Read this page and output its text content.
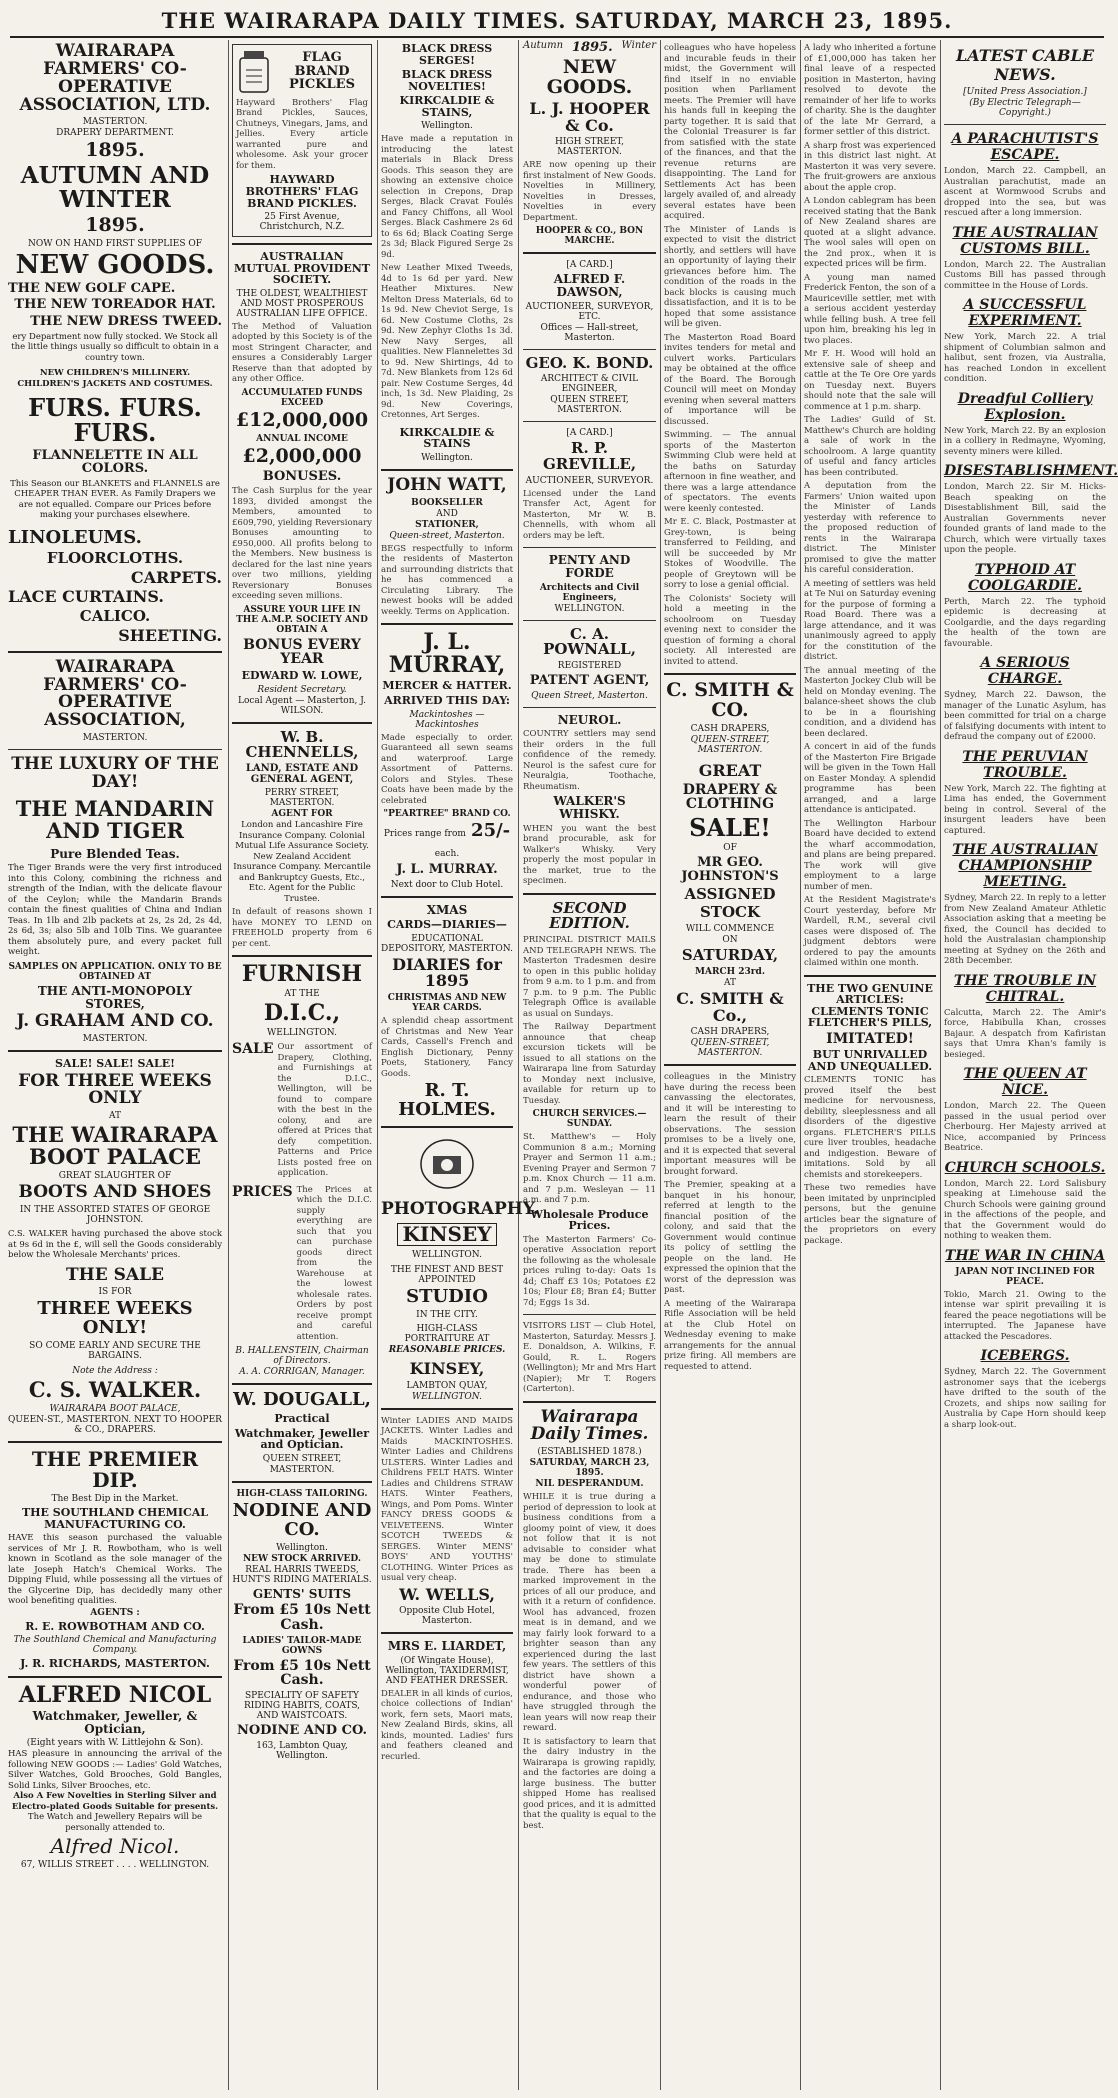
THE WAIRARAPA DAILY TIMES. SATURDAY, MARCH 23, 1895.
WAIRARAPA FARMERS' CO-OPERATIVE ASSOCIATION, LTD.
MASTERTON.
DRAPERY DEPARTMENT.
1895.
AUTUMN AND WINTER
1895.
NOW ON HAND FIRST SUPPLIES OF
NEW GOODS.
THE NEW GOLF CAPE.
THE NEW TOREADOR HAT.
THE NEW DRESS TWEED.
ery Department now fully stocked. We Stock all the little things usually so difficult to obtain in a country town.
NEW CHILDREN'S MILLINERY. CHILDREN'S JACKETS AND COSTUMES.
FURS. FURS. FURS.
FLANNELETTE IN ALL COLORS.
This Season our BLANKETS and FLANNELS are CHEAPER THAN EVER. As Family Drapers we are not equalled. Compare our Prices before making your purchases elsewhere.
LINOLEUMS.
FLOORCLOTHS.
CARPETS.
LACE CURTAINS.
CALICO.
SHEETING.
WAIRARAPA FARMERS' CO-OPERATIVE ASSOCIATION,
MASTERTON.
THE LUXURY OF THE DAY!
THE MANDARIN AND TIGER
Pure Blended Teas.
The Tiger Brands were the very first introduced into this Colony, combining the richness and strength of the Indian, with the delicate flavour of the Ceylon; while the Mandarin Brands contain the finest qualities of China and Indian Teas. In 1lb and 2lb packets at 2s, 2s 2d, 2s 4d, 2s 6d, 3s; also 5lb and 10lb Tins. We guarantee them absolutely pure, and every packet full weight.
SAMPLES ON APPLICATION. ONLY TO BE OBTAINED AT
THE ANTI-MONOPOLY STORES,
J. GRAHAM AND CO.
MASTERTON.
SALE! SALE! SALE!
FOR THREE WEEKS ONLY
AT
THE WAIRARAPA BOOT PALACE
GREAT SLAUGHTER OF
BOOTS AND SHOES
IN THE ASSORTED STATES OF GEORGE JOHNSTON.
C.S. WALKER having purchased the above stock at 9s 6d in the £, will sell the Goods considerably below the Wholesale Merchants' prices.
THE SALE
IS FOR
THREE WEEKS ONLY!
SO COME EARLY AND SECURE THE BARGAINS.
Note the Address :
C. S. WALKER.
WAIRARAPA BOOT PALACE,
QUEEN-ST., MASTERTON. NEXT TO HOOPER & CO., DRAPERS.
THE PREMIER DIP.
The Best Dip in the Market.
THE SOUTHLAND CHEMICAL MANUFACTURING CO.
HAVE this season purchased the valuable services of Mr J. R. Rowbotham, who is well known in Scotland as the sole manager of the late Joseph Hatch's Chemical Works. The Dipping Fluid, while possessing all the virtues of the Glycerine Dip, has decidedly many other wool benefiting qualities.
AGENTS :
R. E. ROWBOTHAM AND CO.
The Southland Chemical and Manufacturing Company.
J. R. RICHARDS, MASTERTON.
ALFRED NICOL
Watchmaker, Jeweller, & Optician,
(Eight years with W. Littlejohn & Son).
HAS pleasure in announcing the arrival of the following NEW GOODS :— Ladies' Gold Watches, Silver Watches, Gold Brooches, Gold Bangles, Solid Links, Silver Brooches, etc.
Also A Few Novelties in Sterling Silver and Electro-plated Goods Suitable for presents.
The Watch and Jewellery Repairs will be personally attended to.
Alfred Nicol.
67, WILLIS STREET . . . . WELLINGTON.
FLAG BRAND PICKLES
Hayward Brothers' Flag Brand Pickles, Sauces, Chutneys, Vinegars, Jams, and Jellies. Every article warranted pure and wholesome. Ask your grocer for them.
HAYWARD BROTHERS' FLAG BRAND PICKLES.
25 First Avenue, Christchurch, N.Z.
AUSTRALIAN MUTUAL PROVIDENT SOCIETY.
THE OLDEST, WEALTHIEST AND MOST PROSPEROUS AUSTRALIAN LIFE OFFICE.
The Method of Valuation adopted by this Society is of the most Stringent Character, and ensures a Considerably Larger Reserve than that adopted by any other Office.
ACCUMULATED FUNDS EXCEED
£12,000,000
ANNUAL INCOME
£2,000,000
BONUSES.
The Cash Surplus for the year 1893, divided amongst the Members, amounted to £609,790, yielding Reversionary Bonuses amounting to £950,000. All profits belong to the Members. New business is declared for the last nine years over two millions, yielding Reversionary Bonuses exceeding seven millions.
ASSURE YOUR LIFE IN THE A.M.P. SOCIETY AND OBTAIN A
BONUS EVERY YEAR
EDWARD W. LOWE,
Resident Secretary.
Local Agent — Masterton, J. WILSON.
W. B. CHENNELLS,
LAND, ESTATE AND GENERAL AGENT,
PERRY STREET, MASTERTON.
AGENT FOR
London and Lancashire Fire Insurance Company. Colonial Mutual Life Assurance Society. New Zealand Accident Insurance Company. Mercantile and Bankruptcy Guests, Etc., Etc. Agent for the Public Trustee.
In default of reasons shown I have MONEY TO LEND on FREEHOLD property from 6 per cent.
FURNISH
AT THE
D.I.C.,
WELLINGTON.
SALE Our assortment of Drapery, Clothing, and Furnishings at the D.I.C., Wellington, will be found to compare with the best in the colony, and are offered at Prices that defy competition. Patterns and Price Lists posted free on application.
PRICES The Prices at which the D.I.C. supply everything are such that you can purchase goods direct from the Warehouse at the lowest wholesale rates. Orders by post receive prompt and careful attention.
B. HALLENSTEIN, Chairman of Directors.
A. A. CORRIGAN, Manager.
W. DOUGALL,
Practical
Watchmaker, Jeweller and Optician.
QUEEN STREET,
MASTERTON.
HIGH-CLASS TAILORING.
NODINE AND CO.
Wellington.
NEW STOCK ARRIVED.
REAL HARRIS TWEEDS, HUNT'S RIDING MATERIALS.
GENTS' SUITS
From £5 10s Nett Cash.
LADIES' TAILOR-MADE GOWNS
From £5 10s Nett Cash.
SPECIALITY OF SAFETY RIDING HABITS, COATS, AND WAISTCOATS.
NODINE AND CO.
163, Lambton Quay, Wellington.
BLACK DRESS SERGES!
BLACK DRESS NOVELTIES!
KIRKCALDIE & STAINS,
Wellington.
Have made a reputation in introducing the latest materials in Black Dress Goods. This season they are showing an extensive choice selection in Crepons, Drap Serges, Black Cravat Foulés and Fancy Chiffons, all Wool Serges. Black Cashmere 2s 6d to 6s 6d; Black Coating Serge 2s 3d; Black Figured Serge 2s 9d.
New Leather Mixed Tweeds, 4d to 1s 6d per yard. New Heather Mixtures. New Melton Dress Materials, 6d to 1s 9d. New Cheviot Serge, 1s 6d. New Costume Cloths, 2s 9d. New Zephyr Cloths 1s 3d. New Navy Serges, all qualities. New Flannelettes 3d to 9d. New Shirtings, 4d to 7d. New Blankets from 12s 6d pair. New Costume Serges, 4d inch, 1s 3d. New Plaiding, 2s 9d. New Coverings, Cretonnes, Art Serges.
KIRKCALDIE & STAINS
Wellington.
JOHN WATT,
BOOKSELLER
AND
STATIONER,
Queen-street, Masterton.
BEGS respectfully to inform the residents of Masterton and surrounding districts that he has commenced a Circulating Library. The newest books will be added weekly. Terms on Application.
J. L. MURRAY,
MERCER & HATTER.
ARRIVED THIS DAY:
Mackintoshes — Mackintoshes
Made especially to order. Guaranteed all sewn seams and waterproof. Large Assortment of Patterns. Colors and Styles. These Coats have been made by the celebrated
"PEARTREE" BRAND CO.
Prices range from 25/- each.
J. L. MURRAY.
Next door to Club Hotel.
XMAS
CARDS—DIARIES—
EDUCATIONAL DEPOSITORY, MASTERTON.
DIARIES for 1895
CHRISTMAS AND NEW YEAR CARDS.
A splendid cheap assortment of Christmas and New Year Cards, Cassell's French and English Dictionary, Penny Poets, Stationery, Fancy Goods.
R. T. HOLMES.
PHOTOGRAPHY.
KINSEY
WELLINGTON.
THE FINEST AND BEST APPOINTED
STUDIO
IN THE CITY.
HIGH-CLASS PORTRAITURE AT
REASONABLE PRICES.
KINSEY,
LAMBTON QUAY,
WELLINGTON.
Winter LADIES AND MAIDS JACKETS. Winter Ladies and Maids MACKINTOSHES. Winter Ladies and Childrens ULSTERS. Winter Ladies and Childrens FELT HATS. Winter Ladies and Childrens STRAW HATS. Winter Feathers, Wings, and Pom Poms. Winter FANCY DRESS GOODS & VELVETEENS. Winter SCOTCH TWEEDS & SERGES. Winter MENS' BOYS' AND YOUTHS' CLOTHING. Winter Prices as usual very cheap.
W. WELLS,
Opposite Club Hotel, Masterton.
MRS E. LIARDET,
(Of Wingate House), Wellington, TAXIDERMIST, AND FEATHER DRESSER.
DEALER in all kinds of curios, choice collections of Indian' work, fern sets, Maori mats, New Zealand Birds, skins, all kinds, mounted. Ladies' furs and feathers cleaned and recurled.
Autumn 1895. Winter
NEW GOODS.
L. J. HOOPER & Co.
HIGH STREET, MASTERTON.
ARE now opening up their first instalment of New Goods. Novelties in Millinery, Novelties in Dresses, Novelties in every Department.
HOOPER & CO., BON MARCHE.
[A CARD.]
ALFRED F. DAWSON,
AUCTIONEER, SURVEYOR, ETC.
Offices — Hall-street, Masterton.
GEO. K. BOND.
ARCHITECT & CIVIL ENGINEER,
QUEEN STREET, MASTERTON.
[A CARD.]
R. P. GREVILLE,
AUCTIONEER, SURVEYOR.
Licensed under the Land Transfer Act, Agent for Masterton, Mr W. B. Chennells, with whom all orders may be left.
PENTY AND FORDE
Architects and Civil Engineers,
WELLINGTON.
C. A. POWNALL,
REGISTERED
PATENT AGENT,
Queen Street, Masterton.
NEUROL.
COUNTRY settlers may send their orders in the full confidence of the remedy. Neurol is the safest cure for Neuralgia, Toothache, Rheumatism.
WALKER'S WHISKY.
WHEN you want the best brand procurable, ask for Walker's Whisky. Very properly the most popular in the market, true to the specimen.
SECOND EDITION.
PRINCIPAL DISTRICT MAILS AND TELEGRAPH NEWS. The Masterton Tradesmen desire to open in this public holiday from 9 a.m. to 1 p.m. and from 7 p.m. to 9 p.m. The Public Telegraph Office is available as usual on Sundays.
The Railway Department announce that cheap excursion tickets will be issued to all stations on the Wairarapa line from Saturday to Monday next inclusive, available for return up to Tuesday.
CHURCH SERVICES.—SUNDAY.
St. Matthew's — Holy Communion 8 a.m.; Morning Prayer and Sermon 11 a.m.; Evening Prayer and Sermon 7 p.m. Knox Church — 11 a.m. and 7 p.m. Wesleyan — 11 a.m. and 7 p.m.
Wholesale Produce Prices.
The Masterton Farmers' Co-operative Association report the following as the wholesale prices ruling to-day: Oats 1s 4d; Chaff £3 10s; Potatoes £2 10s; Flour £8; Bran £4; Butter 7d; Eggs 1s 3d.
VISITORS LIST — Club Hotel, Masterton, Saturday. Messrs J. E. Donaldson, A. Wilkins, F. Gould, R. L. Rogers (Wellington); Mr and Mrs Hart (Napier); Mr T. Rogers (Carterton).
Wairarapa Daily Times.
(ESTABLISHED 1878.)
SATURDAY, MARCH 23, 1895.
NIL DESPERANDUM.
WHILE it is true during a period of depression to look at business conditions from a gloomy point of view, it does not follow that it is not advisable to consider what may be done to stimulate trade. There has been a marked improvement in the prices of all our produce, and with it a return of confidence. Wool has advanced, frozen meat is in demand, and we may fairly look forward to a brighter season than any experienced during the last few years. The settlers of this district have shown a wonderful power of endurance, and those who have struggled through the lean years will now reap their reward.
It is satisfactory to learn that the dairy industry in the Wairarapa is growing rapidly, and the factories are doing a large business. The butter shipped Home has realised good prices, and it is admitted that the quality is equal to the best.
colleagues who have hopeless and incurable feuds in their midst, the Government will find itself in no enviable position when Parliament meets. The Premier will have his hands full in keeping the party together. It is said that the Colonial Treasurer is far from satisfied with the state of the finances, and that the revenue returns are disappointing. The Land for Settlements Act has been largely availed of, and already several estates have been acquired.
The Minister of Lands is expected to visit the district shortly, and settlers will have an opportunity of laying their grievances before him. The condition of the roads in the back blocks is causing much dissatisfaction, and it is to be hoped that some assistance will be given.
The Masterton Road Board invites tenders for metal and culvert works. Particulars may be obtained at the office of the Board. The Borough Council will meet on Monday evening when several matters of importance will be discussed.
Swimming. — The annual sports of the Masterton Swimming Club were held at the baths on Saturday afternoon in fine weather, and there was a large attendance of spectators. The events were keenly contested.
Mr E. C. Black, Postmaster at Grey-town, is being transferred to Feilding, and will be succeeded by Mr Stokes of Woodville. The people of Greytown will be sorry to lose a genial official.
The Colonists' Society will hold a meeting in the schoolroom on Tuesday evening next to consider the question of forming a choral society. All interested are invited to attend.
C. SMITH & CO.
CASH DRAPERS,
QUEEN-STREET, MASTERTON.
GREAT
DRAPERY & CLOTHING
SALE!
OF
MR GEO. JOHNSTON'S
ASSIGNED
STOCK
WILL COMMENCE
ON
SATURDAY,
MARCH 23rd.
AT
C. SMITH & Co.,
CASH DRAPERS,
QUEEN-STREET, MASTERTON.
colleagues in the Ministry have during the recess been canvassing the electorates, and it will be interesting to learn the result of their observations. The session promises to be a lively one, and it is expected that several important measures will be brought forward.
The Premier, speaking at a banquet in his honour, referred at length to the financial position of the colony, and said that the Government would continue its policy of settling the people on the land. He expressed the opinion that the worst of the depression was past.
A meeting of the Wairarapa Rifle Association will be held at the Club Hotel on Wednesday evening to make arrangements for the annual prize firing. All members are requested to attend.
A lady who inherited a fortune of £1,000,000 has taken her final leave of a respected position in Masterton, having resolved to devote the remainder of her life to works of charity. She is the daughter of the late Mr Gerrard, a former settler of this district.
A sharp frost was experienced in this district last night. At Masterton it was very severe. The fruit-growers are anxious about the apple crop.
A London cablegram has been received stating that the Bank of New Zealand shares are quoted at a slight advance. The wool sales will open on the 2nd prox., when it is expected prices will be firm.
A young man named Frederick Fenton, the son of a Mauriceville settler, met with a serious accident yesterday while felling bush. A tree fell upon him, breaking his leg in two places.
Mr F. H. Wood will hold an extensive sale of sheep and cattle at the Te Ore Ore yards on Tuesday next. Buyers should note that the sale will commence at 1 p.m. sharp.
The Ladies' Guild of St. Matthew's Church are holding a sale of work in the schoolroom. A large quantity of useful and fancy articles has been contributed.
A deputation from the Farmers' Union waited upon the Minister of Lands yesterday with reference to the proposed reduction of rents in the Wairarapa district. The Minister promised to give the matter his careful consideration.
A meeting of settlers was held at Te Nui on Saturday evening for the purpose of forming a Road Board. There was a large attendance, and it was unanimously agreed to apply for the constitution of the district.
The annual meeting of the Masterton Jockey Club will be held on Monday evening. The balance-sheet shows the club to be in a flourishing condition, and a dividend has been declared.
A concert in aid of the funds of the Masterton Fire Brigade will be given in the Town Hall on Easter Monday. A splendid programme has been arranged, and a large attendance is anticipated.
The Wellington Harbour Board have decided to extend the wharf accommodation, and plans are being prepared. The work will give employment to a large number of men.
At the Resident Magistrate's Court yesterday, before Mr Wardell, R.M., several civil cases were disposed of. The judgment debtors were ordered to pay the amounts claimed within one month.
THE TWO GENUINE ARTICLES: CLEMENTS TONIC FLETCHER'S PILLS,
IMITATED!
BUT UNRIVALLED AND UNEQUALLED.
CLEMENTS TONIC has proved itself the best medicine for nervousness, debility, sleeplessness and all disorders of the digestive organs. FLETCHER'S PILLS cure liver troubles, headache and indigestion. Beware of imitations. Sold by all chemists and storekeepers.
These two remedies have been imitated by unprincipled persons, but the genuine articles bear the signature of the proprietors on every package.
LATEST CABLE NEWS.
[United Press Association.]
(By Electric Telegraph—Copyright.)
A PARACHUTIST'S ESCAPE.
London, March 22. Campbell, an Australian parachutist, made an ascent at Wormwood Scrubs and dropped into the sea, but was rescued after a long immersion.
THE AUSTRALIAN CUSTOMS BILL.
London, March 22. The Australian Customs Bill has passed through committee in the House of Lords.
A SUCCESSFUL EXPERIMENT.
New York, March 22. A trial shipment of Columbian salmon and halibut, sent frozen, via Australia, has reached London in excellent condition.
Dreadful Colliery Explosion.
New York, March 22. By an explosion in a colliery in Redmayne, Wyoming, seventy miners were killed.
DISESTABLISHMENT.
London, March 22. Sir M. Hicks-Beach speaking on the Disestablishment Bill, said the Australian Governments never founded grants of land made to the Church, which were virtually taxes upon the people.
TYPHOID AT COOLGARDIE.
Perth, March 22. The typhoid epidemic is decreasing at Coolgardie, and the days regarding the health of the town are favourable.
A SERIOUS CHARGE.
Sydney, March 22. Dawson, the manager of the Lunatic Asylum, has been committed for trial on a charge of falsifying documents with intent to defraud the company out of £2000.
THE PERUVIAN TROUBLE.
New York, March 22. The fighting at Lima has ended, the Government being in control. Several of the insurgent leaders have been captured.
THE AUSTRALIAN CHAMPIONSHIP MEETING.
Sydney, March 22. In reply to a letter from New Zealand Amateur Athletic Association asking that a meeting be fixed, the Council has decided to hold the Australasian championship meeting at Sydney on the 26th and 28th December.
THE TROUBLE IN CHITRAL.
Calcutta, March 22. The Amir's force, Habibulla Khan, crosses Bajaur. A despatch from Kafiristan says that Umra Khan's family is besieged.
THE QUEEN AT NICE.
London, March 22. The Queen passed in the usual period over Cherbourg. Her Majesty arrived at Nice, accompanied by Princess Beatrice.
CHURCH SCHOOLS.
London, March 22. Lord Salisbury speaking at Limehouse said the Church Schools were gaining ground in the affections of the people, and that the Government would do nothing to weaken them.
THE WAR IN CHINA
JAPAN NOT INCLINED FOR PEACE.
Tokio, March 21. Owing to the intense war spirit prevailing it is feared the peace negotiations will be interrupted. The Japanese have attacked the Pescadores.
ICEBERGS.
Sydney, March 22. The Government astronomer says that the icebergs have drifted to the south of the Crozets, and ships now sailing for Australia by Cape Horn should keep a sharp look-out.
